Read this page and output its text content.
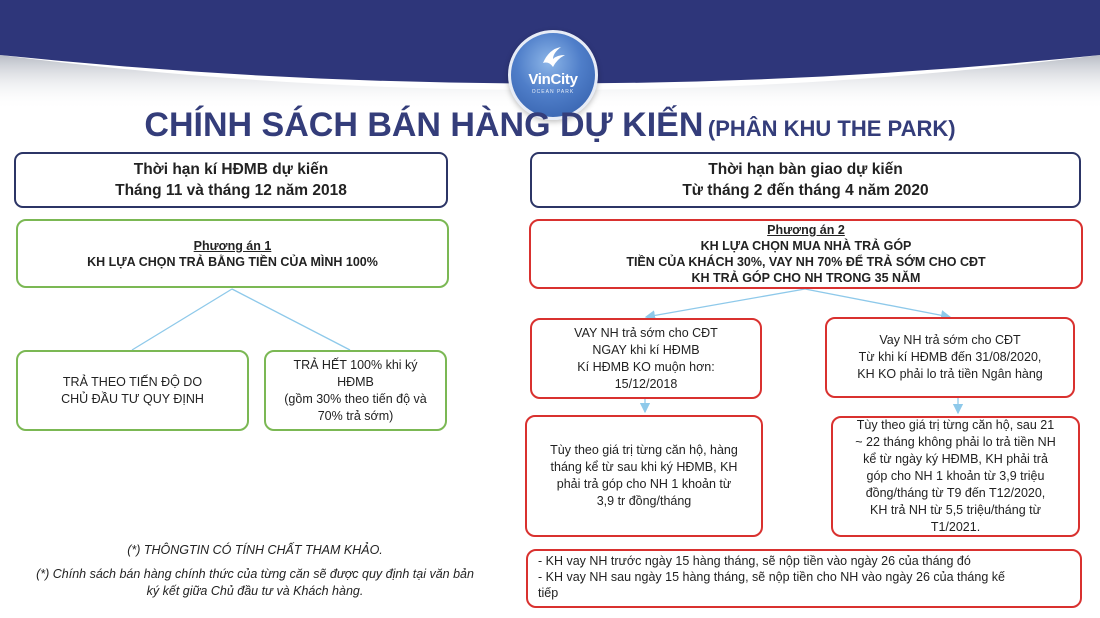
VinCity
OCEAN PARK
CHÍNH SÁCH BÁN HÀNG DỰ KIẾN (PHÂN KHU THE PARK)
Thời hạn kí HĐMB dự kiến
Tháng 11 và tháng 12 năm 2018
Thời hạn bàn giao dự kiến
Từ tháng 2 đến tháng 4 năm 2020
Phương án 1
KH LỰA CHỌN TRẢ BẰNG TIỀN CỦA MÌNH 100%
TRẢ THEO TIẾN ĐỘ DO CHỦ ĐẦU TƯ QUY ĐỊNH
TRẢ HẾT 100% khi ký
HĐMB
(gồm 30% theo tiến độ và
70% trả sớm)
Phương án 2
KH LỰA CHỌN MUA NHÀ TRẢ GÓP
TIỀN CỦA KHÁCH 30%, VAY NH 70% ĐỂ TRẢ SỚM CHO CĐT
KH TRẢ GÓP CHO NH TRONG 35 NĂM
VAY NH trả sớm cho CĐT
NGAY khi kí HĐMB
Kí HĐMB KO muộn hơn:
15/12/2018
Vay NH trả sớm cho CĐT
Từ khi kí HĐMB đến 31/08/2020,
KH KO phải lo trả tiền Ngân hàng
Tùy theo giá trị từng căn hộ, hàng
tháng kể từ sau khi ký HĐMB, KH
phải trả góp cho NH 1 khoản từ
3,9 tr đồng/tháng
Tùy theo giá trị từng căn hộ, sau 21
~ 22 tháng không phải lo trả tiền NH
kể từ ngày ký HĐMB, KH phải trả
góp cho NH 1 khoản từ 3,9 triệu
đồng/tháng từ T9 đến T12/2020,
KH trả NH từ 5,5 triệu/tháng từ
T1/2021.
(*) THÔNGTIN CÓ TÍNH CHẤT THAM KHẢO.
(*) Chính sách bán hàng chính thức của từng căn sẽ được quy định tại văn bản
ký kết giữa Chủ đầu tư và Khách hàng.
- KH vay NH trước ngày 15 hàng tháng, sẽ nộp tiền vào ngày 26 của tháng đó
- KH vay NH sau ngày 15 hàng tháng, sẽ nộp tiền cho NH vào ngày 26 của tháng kế
tiếp
